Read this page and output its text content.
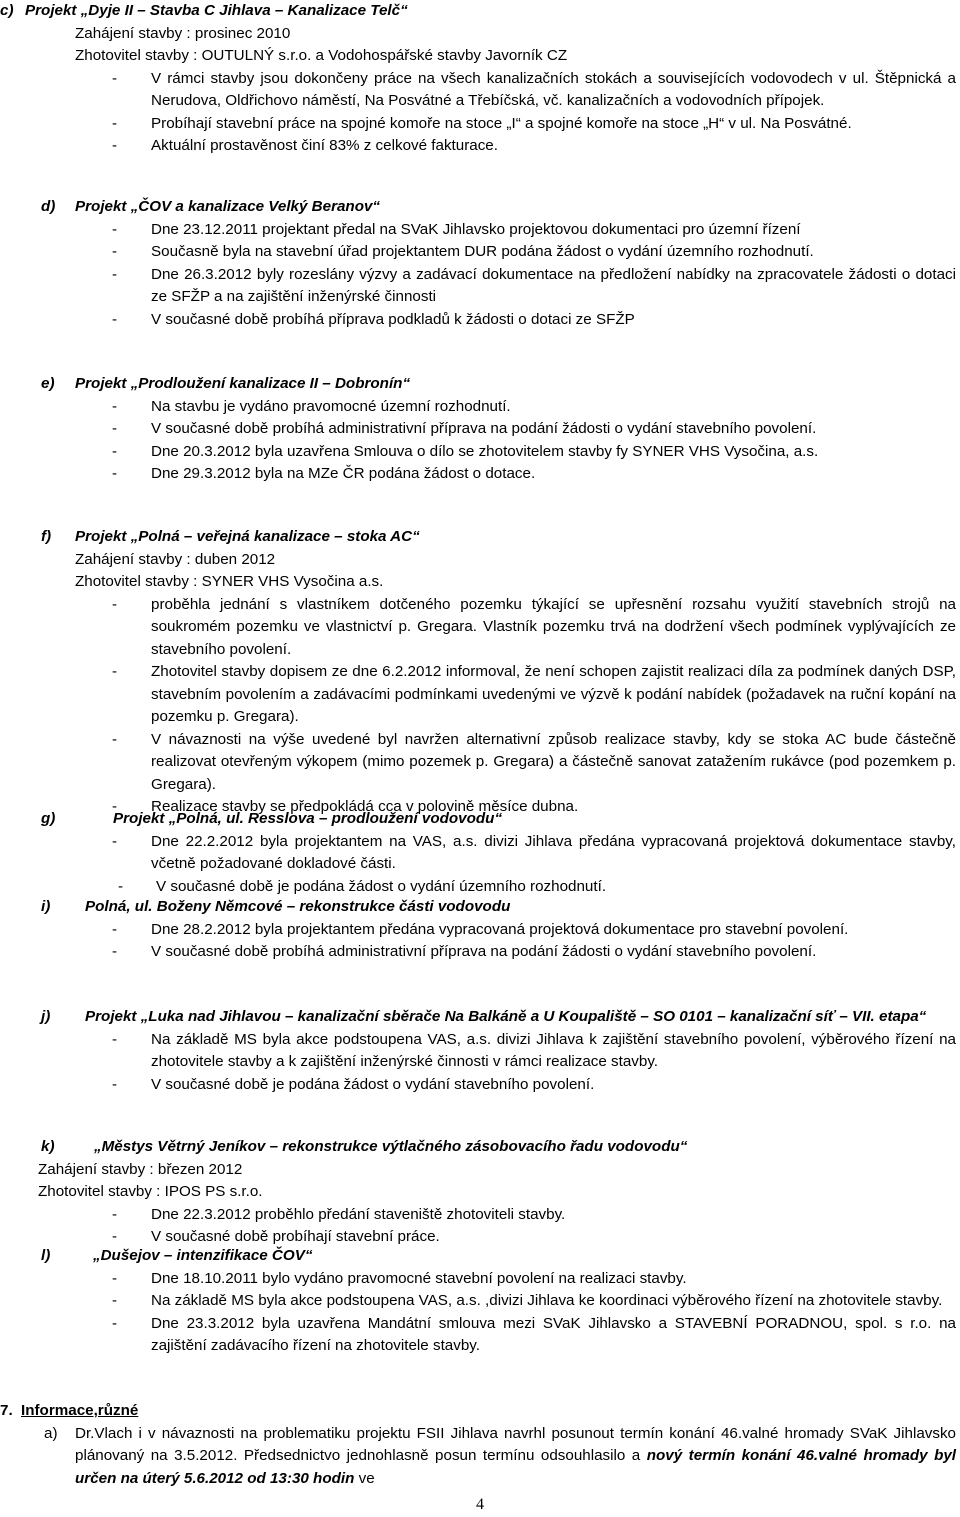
c) Projekt „Dyje II – Stavba C Jihlava – Kanalizace Telč“
Zahájení stavby : prosinec 2010
Zhotovitel stavby : OUTULNÝ s.r.o. a Vodohospářské stavby Javorník CZ
- V rámci stavby jsou dokončeny práce na všech kanalizačních stokách a souvisejících vodovodech v ul. Štěpnická a Nerudova, Oldřichovo náměstí, Na Posvátné a Třebíčská, vč. kanalizačních a vodovodních přípojek.
- Probíhají stavební práce na spojné komoře na stoce „I“ a spojné komoře na stoce „H“ v ul. Na Posvátné.
- Aktuální prostavěnost činí 83% z celkové fakturace.
d) Projekt „ČOV a kanalizace Velký Beranov“
- Dne 23.12.2011 projektant předal na SVaK Jihlavsko projektovou dokumentaci pro územní řízení
- Současně byla na stavební úřad projektantem DUR podána žádost o vydání územního rozhodnutí.
- Dne 26.3.2012 byly rozeslány výzvy a zadávací dokumentace na předložení nabídky na zpracovatele žádosti o dotaci ze SFŽP a na zajištění inženýrské činnosti
- V současné době probíhá příprava podkladů k žádosti o dotaci ze SFŽP
e) Projekt „Prodloužení kanalizace II – Dobronín“
- Na stavbu je vydáno pravomocné územní rozhodnutí.
- V současné době probíhá administrativní příprava na podání žádosti o vydání stavebního povolení.
- Dne 20.3.2012 byla uzavřena Smlouva o dílo se zhotovitelem stavby fy SYNER VHS Vysočina, a.s.
- Dne 29.3.2012 byla na MZe ČR podána žádost o dotace.
f) Projekt „Polná – veřejná kanalizace – stoka AC“
Zahájení stavby : duben 2012
Zhotovitel stavby : SYNER VHS Vysočina a.s.
- proběhla jednání s vlastníkem dotčeného pozemku týkající se upřesnění rozsahu využití stavebních strojů na soukromém pozemku ve vlastnictví p. Gregara. Vlastník pozemku trvá na dodržení všech podmínek vyplývajících ze stavebního povolení.
- Zhotovitel stavby dopisem ze dne 6.2.2012 informoval, že není schopen zajistit realizaci díla za podmínek daných DSP, stavebním povolením a zadávacími podmínkami uvedenými ve výzvě k podání nabídek (požadavek na ruční kopání na pozemku p. Gregara).
- V návaznosti na výše uvedené byl navržen alternativní způsob realizace stavby, kdy se stoka AC bude částečně realizovat otevřeným výkopem (mimo pozemek p. Gregara) a částečně sanovat zatažením rukávce (pod pozemkem p. Gregara).
- Realizace stavby se předpokládá cca v polovině měsíce dubna.
g)	Projekt „Polná, ul. Resslova – prodloužení vodovodu“
- Dne 22.2.2012 byla projektantem na VAS, a.s. divizi Jihlava předána vypracovaná projektová dokumentace stavby, včetně požadované dokladové části.
- V současné době je podána žádost o vydání územního rozhodnutí.
i) Polná, ul. Boženy Němcové – rekonstrukce části vodovodu
- Dne 28.2.2012 byla projektantem předána vypracovaná projektová dokumentace pro stavební povolení.
- V současné době probíhá administrativní příprava na podání žádosti o vydání stavebního povolení.
j) Projekt „Luka nad Jihlavou – kanalizační sběrače Na Balkáně a U Koupaliště – SO 0101 – kanalizační síť – VII. etapa“
- Na základě MS byla akce podstoupena VAS, a.s. divizi Jihlava k zajištění stavebního povolení, výběrového řízení na zhotovitele stavby a k zajištění inženýrské činnosti v rámci realizace stavby.
- V současné době je podána žádost o vydání stavebního povolení.
k)	„Městys Větrný Jeníkov – rekonstrukce výtlačného zásobovacího řadu vodovodu“
Zahájení stavby : březen 2012
Zhotovitel stavby : IPOS PS s.r.o.
- Dne 22.3.2012 proběhlo předání staveniště zhotoviteli stavby.
- V současné době probíhají stavební práce.
l)	„Dušejov – intenzifikace ČOV“
- Dne 18.10.2011 bylo vydáno pravomocné stavební povolení na realizaci stavby.
- Na základě MS byla akce podstoupena VAS, a.s. ,divizi Jihlava ke koordinaci výběrového řízení na zhotovitele stavby.
- Dne 23.3.2012 byla uzavřena Mandátní smlouva mezi SVaK Jihlavsko a STAVEBNÍ PORADNOU, spol. s r.o. na zajištění zadávacího řízení na zhotovitele stavby.
7. Informace,různé
a) Dr.Vlach i v návaznosti na problematiku projektu FSII Jihlava navrhl posunout termín konání 46.valné hromady SVaK Jihlavsko plánovaný na 3.5.2012. Předsednictvo jednohlasně posun termínu odsouhlasilo a nový termín konání 46.valné hromady byl určen na úterý 5.6.2012 od 13:30 hodin ve
4
